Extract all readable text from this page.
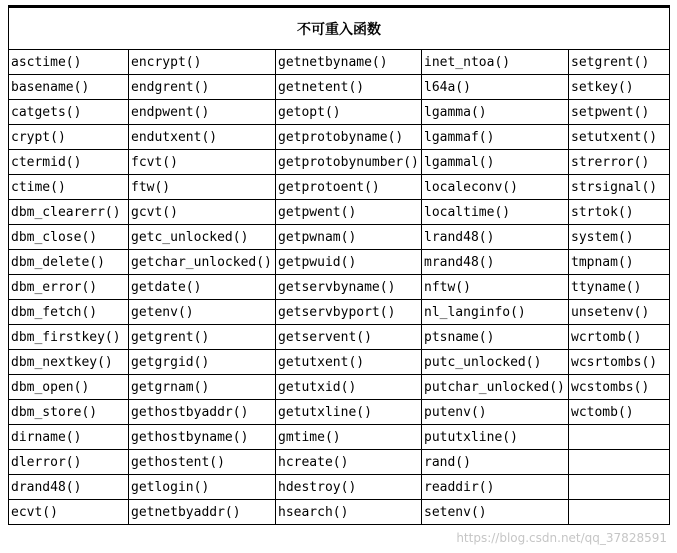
不可重入函数				
asctime()	encrypt()	getnetbyname()	inet_ntoa()	setgrent()
basename()	endgrent()	getnetent()	l64a()	setkey()
catgets()	endpwent()	getopt()	lgamma()	setpwent()
crypt()	endutxent()	getprotobyname()	lgammaf()	setutxent()
ctermid()	fcvt()	getprotobynumber()	lgammal()	strerror()
ctime()	ftw()	getprotoent()	localeconv()	strsignal()
dbm_clearerr()	gcvt()	getpwent()	localtime()	strtok()
dbm_close()	getc_unlocked()	getpwnam()	lrand48()	system()
dbm_delete()	getchar_unlocked()	getpwuid()	mrand48()	tmpnam()
dbm_error()	getdate()	getservbyname()	nftw()	ttyname()
dbm_fetch()	getenv()	getservbyport()	nl_langinfo()	unsetenv()
dbm_firstkey()	getgrent()	getservent()	ptsname()	wcrtomb()
dbm_nextkey()	getgrgid()	getutxent()	putc_unlocked()	wcsrtombs()
dbm_open()	getgrnam()	getutxid()	putchar_unlocked()	wcstombs()
dbm_store()	gethostbyaddr()	getutxline()	putenv()	wctomb()
dirname()	gethostbyname()	gmtime()	pututxline()	
dlerror()	gethostent()	hcreate()	rand()	
drand48()	getlogin()	hdestroy()	readdir()	
ecvt()	getnetbyaddr()	hsearch()	setenv()	
https://blog.csdn.net/qq_37828591
